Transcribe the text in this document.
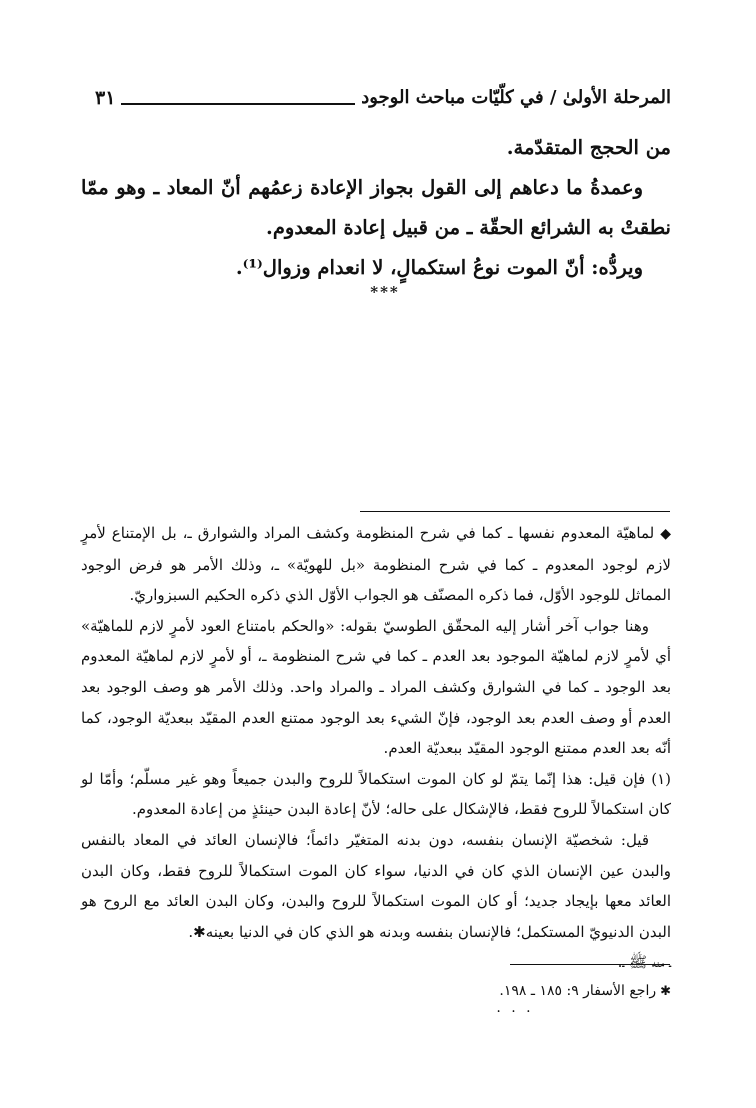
٣١	المرحلة الأولىٰ / في كلّيّات مباحث الوجود

من الحجج المتقدّمة.

وعمدةُ ما دعاهم إلى القول بجواز الإعادة زعمُهم أنّ المعاد ـ وهو ممّا نطقتْ به الشرائع الحقّة ـ من قبيل إعادة المعدوم.

ويردُّه: أنّ الموت نوعُ استكمالٍ، لا انعدام وزوال⁽¹⁾.

***

◆لماهيّة المعدوم نفسها ـ كما في شرح المنظومة وكشف المراد والشوارق ـ، بل الإمتناع لأمرٍ لازم لوجود المعدوم ـ كما في شرح المنظومة «بل للهويّة» ـ، وذلك الأمر هو فرض الوجود المماثل للوجود الأوّل، فما ذكره المصنّف هو الجواب الأوّل الذي ذكره الحكيم السبزواريّ.

وهنا جواب آخر أشار إليه المحقّق الطوسيّ بقوله: «والحكم بامتناع العود لأمرٍ لازم للماهيّة» أي لأمرٍ لازم لماهيّة الموجود بعد العدم ـ كما في شرح المنظومة ـ، أو لأمرٍ لازم لماهيّة المعدوم بعد الوجود ـ كما في الشوارق وكشف المراد ـ والمراد واحد. وذلك الأمر هو وصف الوجود بعد العدم أو وصف العدم بعد الوجود، فإنّ الشيء بعد الوجود ممتنع العدم المقيّد ببعديّة الوجود، كما أنّه بعد العدم ممتنع الوجود المقيّد ببعديّة العدم.

(١)فإن قيل: هذا إنّما يتمّ لو كان الموت استكمالاً للروح والبدن جميعاً وهو غير مسلّم؛ وأمّا لو كان استكمالاً للروح فقط، فالإشكال على حاله؛ لأنّ إعادة البدن حينئذٍ من إعادة المعدوم.

قيل: شخصيّة الإنسان بنفسه، دون بدنه المتغيّر دائماً؛ فالإنسان العائد في المعاد بالنفس والبدن عين الإنسان الذي كان في الدنيا، سواء كان الموت استكمالاً للروح فقط، وكان البدن العائد معها بإيجاد جديد؛ أو كان الموت استكمالاً للروح والبدن، وكان البدن العائد مع الروح هو البدن الدنيويّ المستكمل؛ فالإنسان بنفسه وبدنه هو الذي كان في الدنيا بعينه✱.

ـ منه ﷺ ـ.

✱راجع الأسفار ٩: ١٨٥ ـ ١٩٨.
. . .
